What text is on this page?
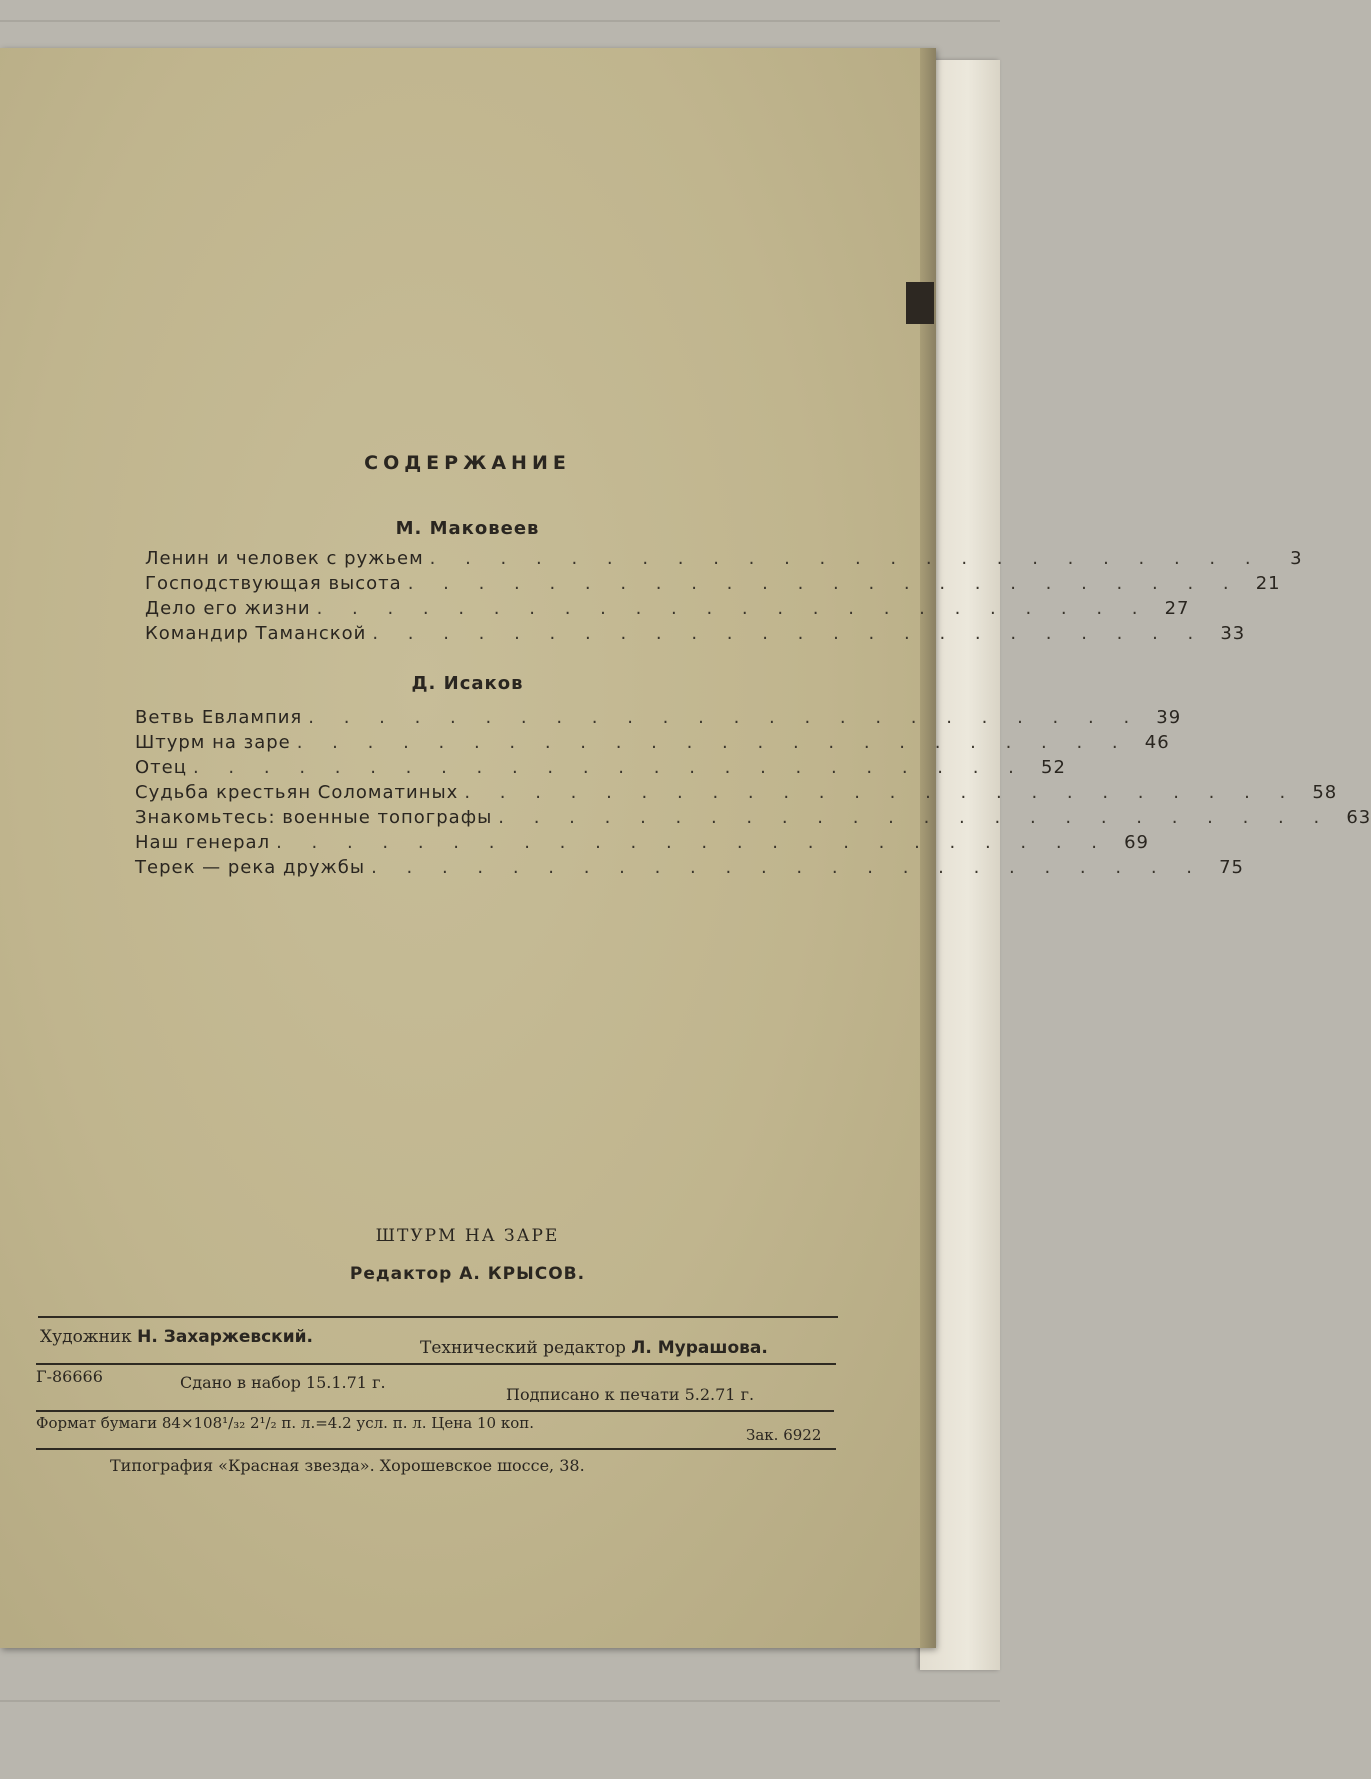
СОДЕРЖАНИЕ
М. Маковеев
Ленин и человек с ружьем . . . . . . . . . . . . . . . . . . . . . . . .	3
Господствующая высота . . . . . . . . . . . . . . . . . . . . . . . . 21
Дело его жизни . . . . . . . . . . . . . . . . . . . . . . . . 27
Командир Таманской . . . . . . . . . . . . . . . . . . . . . . . . 33
Д. Исаков
Ветвь Евлампия . . . . . . . . . . . . . . . . . . . . . . . . 39
Штурм на заре . . . . . . . . . . . . . . . . . . . . . . . . 46
Отец . . . . . . . . . . . . . . . . . . . . . . . . 52
Судьба крестьян Соломатиных . . . . . . . . . . . . . . . . . . . . . . . . 58
Знакомьтесь: военные топографы . . . . . . . . . . . . . . . . . . . . . . . . 63
Наш генерал . . . . . . . . . . . . . . . . . . . . . . . . 69
Терек — река дружбы . . . . . . . . . . . . . . . . . . . . . . . . 75
ШТУРМ НА ЗАРЕ
Редактор А. КРЫСОВ.
Художник Н. Захаржевский.
Технический редактор Л. Мурашова.
Г-86666	Сдано в набор 15.1.71 г.
Подписано к печати 5.2.71 г.
Формат бумаги 84×108¹/₃₂ 2¹/₂ п. л.=4.2 усл. п. л. Цена 10 коп.
Зак. 6922
Типография «Красная звезда». Хорошевское шоссе, 38.
